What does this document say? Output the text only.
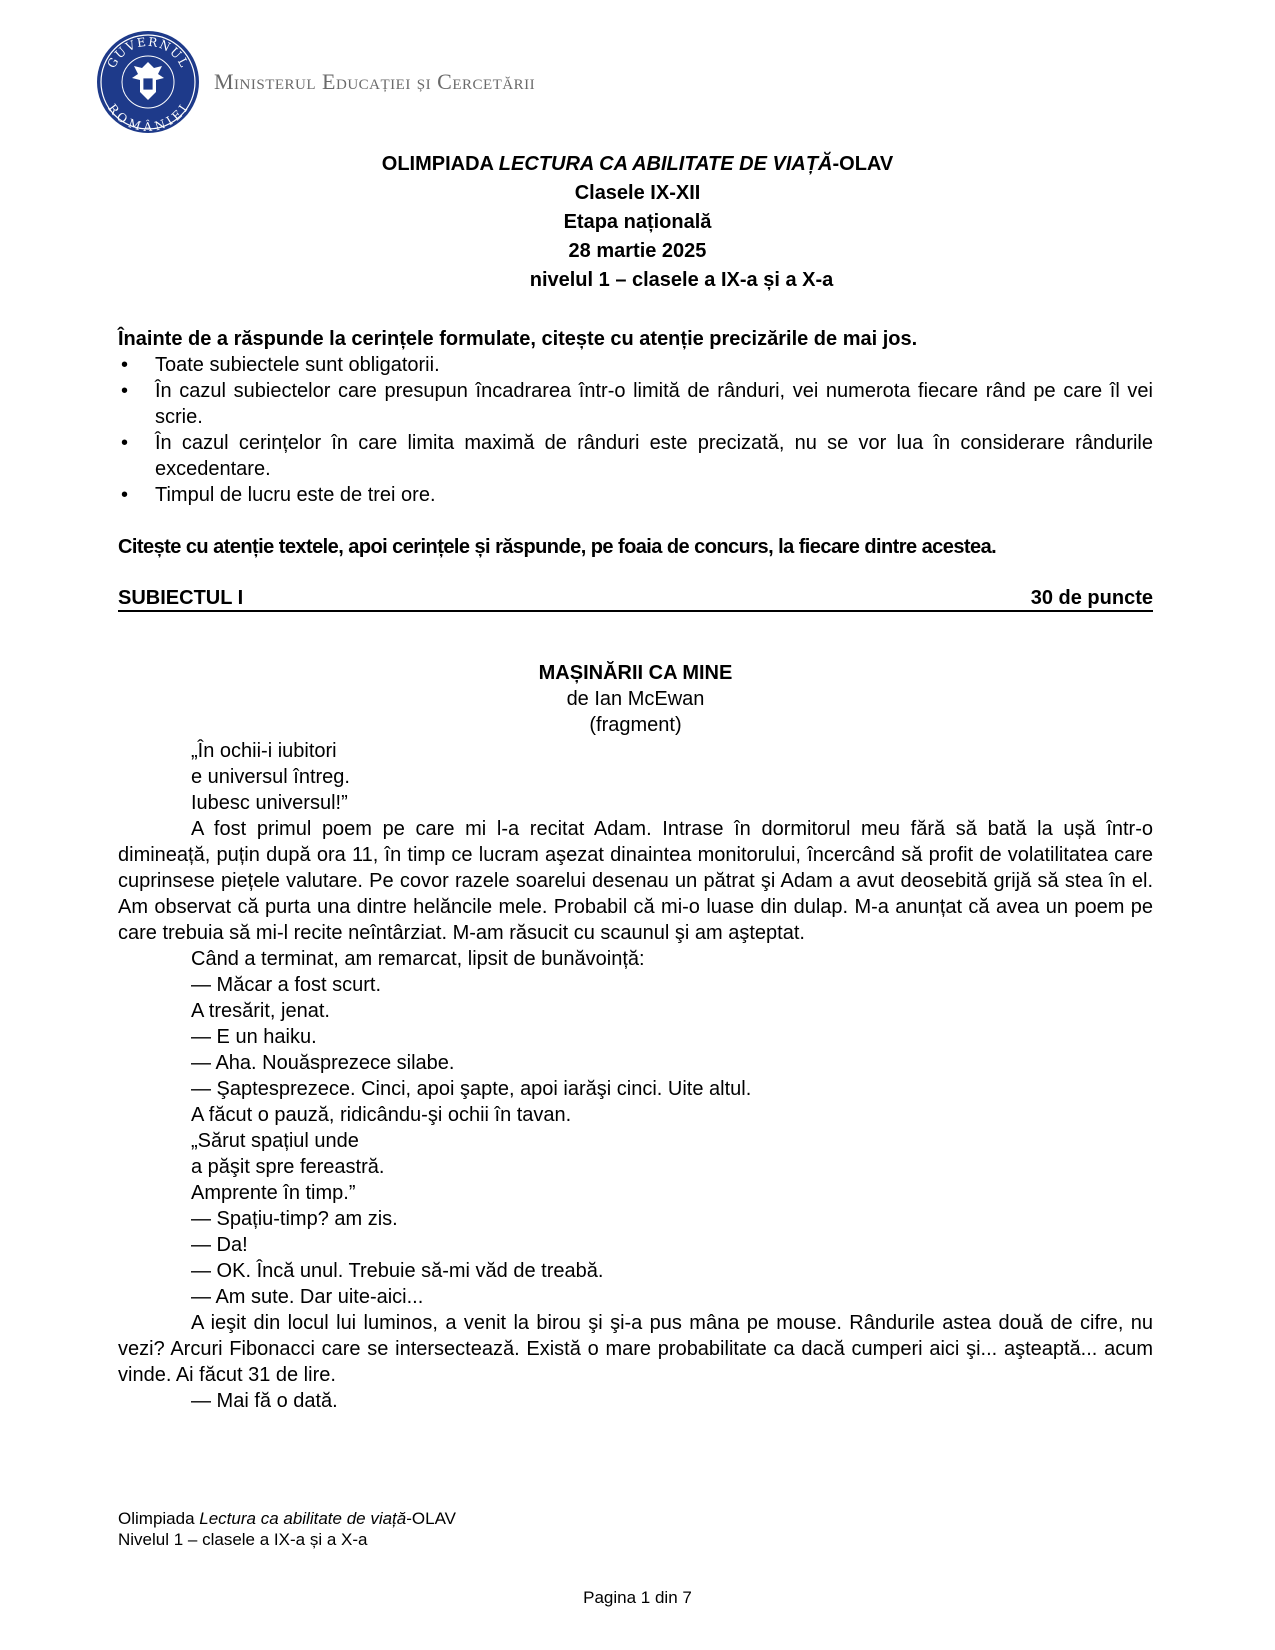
GUVERNUL
ROMÂNIEI
Ministerul Educației și Cercetării
OLIMPIADA LECTURA CA ABILITATE DE VIAȚĂ-OLAV
Clasele IX-XII
Etapa națională
28 martie 2025
nivelul 1 – clasele a IX-a și a X-a

Înainte de a răspunde la cerințele formulate, citește cu atenție precizările de mai jos.

• Toate subiectele sunt obligatorii.
• În cazul subiectelor care presupun încadrarea într-o limită de rânduri, vei numerota fiecare rând pe care îl vei scrie.
• În cazul cerințelor în care limita maximă de rânduri este precizată, nu se vor lua în considerare rândurile excedentare.
• Timpul de lucru este de trei ore.
Citește cu atenție textele, apoi cerințele și răspunde, pe foaia de concurs, la fiecare dintre acestea.
SUBIECTUL I	30 de puncte
MAȘINĂRII CA MINE
de Ian McEwan
(fragment)

„În ochii-i iubitori

e universul întreg.

Iubesc universul!”

A fost primul poem pe care mi l-a recitat Adam. Intrase în dormitorul meu fără să bată la ușă într-o dimineață, puțin după ora 11, în timp ce lucram aşezat dinaintea monitorului, încercând să profit de volatilitatea care cuprinsese piețele valutare. Pe covor razele soarelui desenau un pătrat şi Adam a avut deosebită grijă să stea în el. Am observat că purta una dintre helăncile mele. Probabil că mi-o luase din dulap. M-a anunțat că avea un poem pe care trebuia să mi-l recite neîntârziat. M-am răsucit cu scaunul şi am aşteptat.

Când a terminat, am remarcat, lipsit de bunăvoință:

— Măcar a fost scurt.

A tresărit, jenat.

— E un haiku.

— Aha. Nouăsprezece silabe.

— Şaptesprezece. Cinci, apoi şapte, apoi iarăşi cinci. Uite altul.

A făcut o pauză, ridicându-şi ochii în tavan.

„Sărut spațiul unde

a păşit spre fereastră.

Amprente în timp.”

— Spațiu-timp? am zis.

— Da!

— OK. Încă unul. Trebuie să-mi văd de treabă.

— Am sute. Dar uite-aici...

A ieşit din locul lui luminos, a venit la birou şi şi-a pus mâna pe mouse. Rândurile astea două de cifre, nu vezi? Arcuri Fibonacci care se intersectează. Există o mare probabilitate ca dacă cumperi aici şi... aşteaptă... acum vinde. Ai făcut 31 de lire.

— Mai fă o dată.

Olimpiada Lectura ca abilitate de viață-OLAV
Nivelul 1 – clasele a IX-a și a X-a
Pagina 1 din 7
